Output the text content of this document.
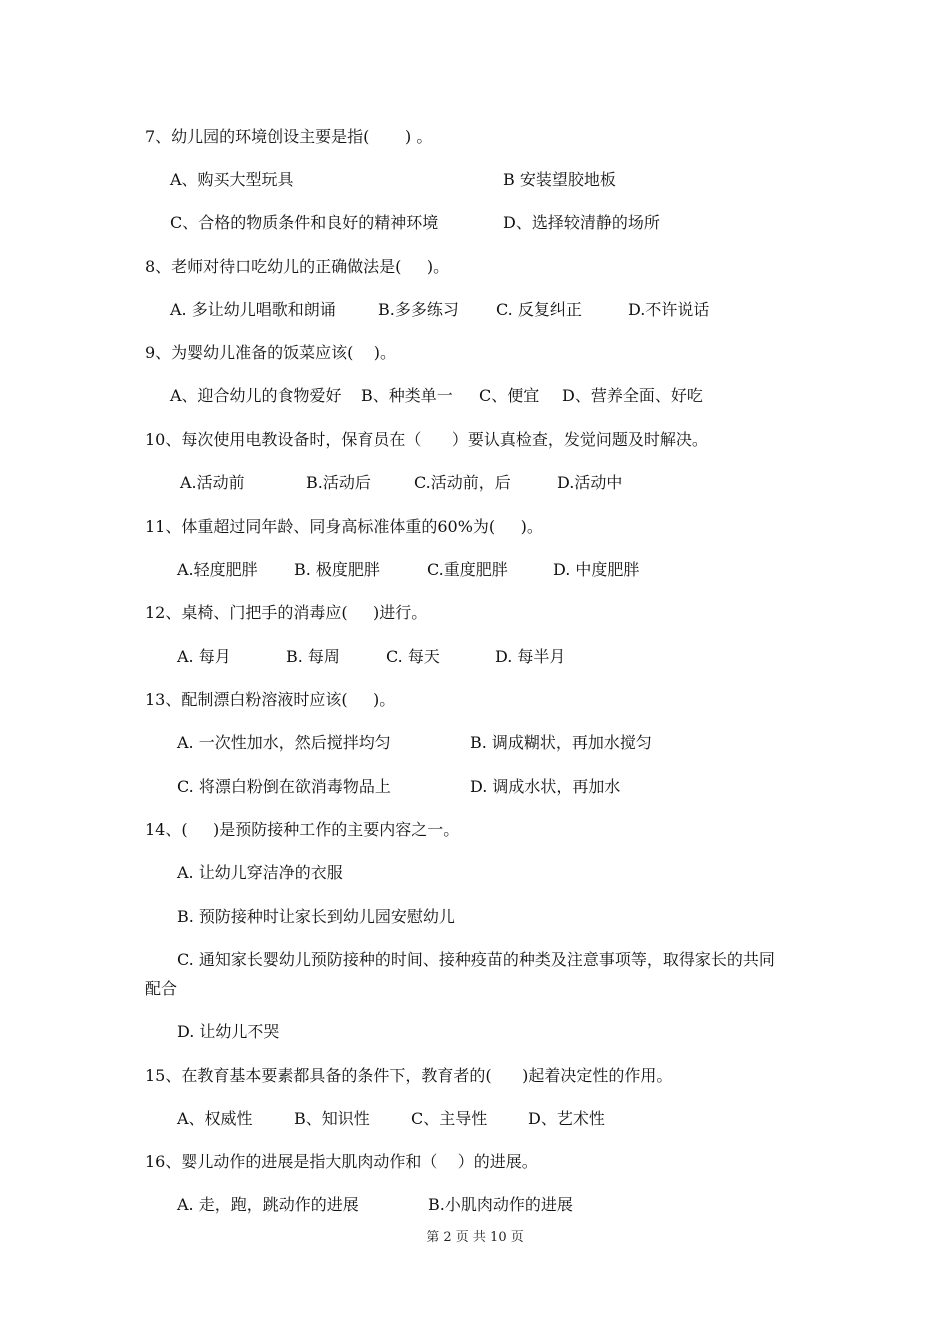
7、幼儿园的环境创设主要是指(       ) 。
A、购买大型玩具	B 安装望胶地板
C、合格的物质条件和良好的精神环境	D、选择较清静的场所
8、老师对待口吃幼儿的正确做法是(     )。
A. 多让幼儿唱歌和朗诵	B.多多练习 C. 反复纠正	D.不许说话
9、为婴幼儿准备的饭菜应该(    )。
A、迎合幼儿的食物爱好 B、种类单一 C、便宜 D、营养全面、好吃
10、每次使用电教设备时，保育员在（      ）要认真检查，发觉问题及时解决。
A.活动前	B.活动后	C.活动前，后	D.活动中
11、体重超过同年龄、同身高标准体重的60%为(     )。
A.轻度肥胖 B. 极度肥胖	C.重度肥胖	D. 中度肥胖
12、桌椅、门把手的消毒应(     )进行。
A. 每月	B. 每周	C. 每天	D. 每半月
13、配制漂白粉溶液时应该(     )。
A. 一次性加水，然后搅拌均匀	B. 调成糊状，再加水搅匀
C. 将漂白粉倒在欲消毒物品上	D. 调成水状，再加水
14、(     )是预防接种工作的主要内容之一。
A. 让幼儿穿洁净的衣服
B. 预防接种时让家长到幼儿园安慰幼儿
C. 通知家长婴幼儿预防接种的时间、接种疫苗的种类及注意事项等，取得家长的共同
配合
D. 让幼儿不哭
15、在教育基本要素都具备的条件下，教育者的(      )起着决定性的作用。
A、权威性	B、知识性	C、主导性	D、艺术性
16、婴儿动作的进展是指大肌肉动作和（    ）的进展。
A. 走，跑，跳动作的进展	B.小肌肉动作的进展
第 2 页 共 10 页
